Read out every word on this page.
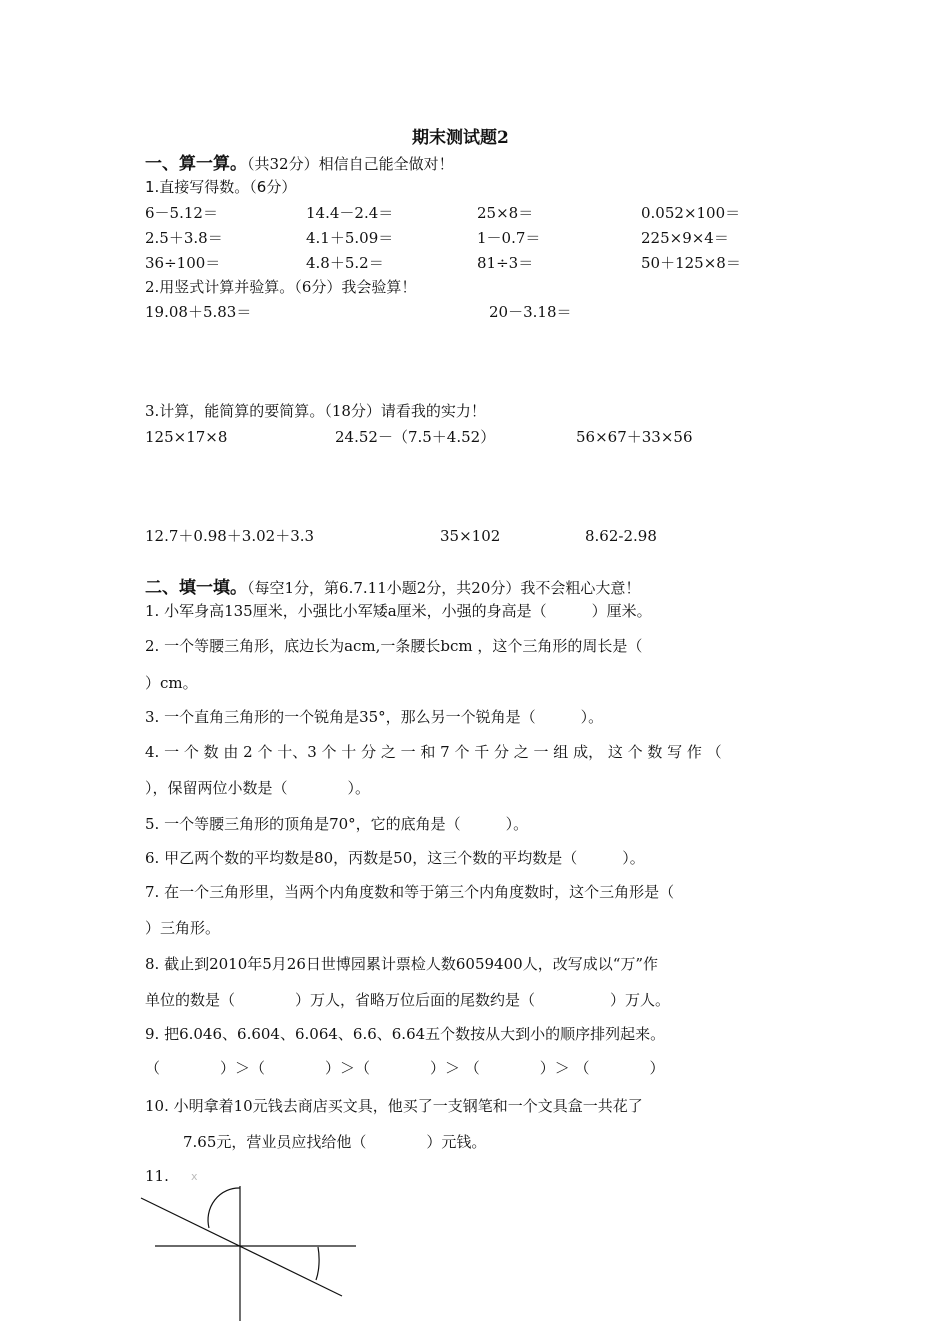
期末测试题2
一、算一算。（共32分）相信自己能全做对！
1.直接写得数。（6分）
6－5.12＝	14.4－2.4＝	25×8＝	0.052×100＝
2.5＋3.8＝	4.1＋5.09＝	1－0.7＝	225×9×4＝
36÷100＝	4.8＋5.2＝	81÷3＝	50＋125×8＝
2.用竖式计算并验算。（6分）我会验算！
19.08＋5.83＝	20－3.18＝
3.计算，能简算的要简算。（18分）请看我的实力！
125×17×8	24.52－（7.5＋4.52）	56×67＋33×56
12.7＋0.98＋3.02＋3.3	35×102	8.62-2.98
二、填一填。（每空1分，第6.7.11小题2分，共20分）我不会粗心大意！
1. 小军身高135厘米，小强比小军矮a厘米，小强的身高是（　　　）厘米。
2. 一个等腰三角形，底边长为acm,一条腰长bcm ，这个三角形的周长是（
）cm。
3. 一个直角三角形的一个锐角是35°，那么另一个锐角是（　　　）。
4. 一 个 数 由 2 个 十、3 个 十 分 之 一 和 7 个 千 分 之 一 组 成， 这 个 数 写 作 （
），保留两位小数是（　　　　）。
5. 一个等腰三角形的顶角是70°，它的底角是（　　　）。
6. 甲乙两个数的平均数是80，丙数是50，这三个数的平均数是（　　　）。
7. 在一个三角形里，当两个内角度数和等于第三个内角度数时，这个三角形是（
）三角形。
8. 截止到2010年5月26日世博园累计票检人数6059400人，改写成以“万”作
单位的数是（　　　　）万人，省略万位后面的尾数约是（　　　　　）万人。
9. 把6.046、6.604、6.064、6.6、6.64五个数按从大到小的顺序排列起来。
（　　　　）＞（　　　　）＞（　　　　）＞ （　　　　）＞ （　　　　）
10. 小明拿着10元钱去商店买文具，他买了一支钢笔和一个文具盒一共花了
7.65元，营业员应找给他（　　　　）元钱。
11. x
